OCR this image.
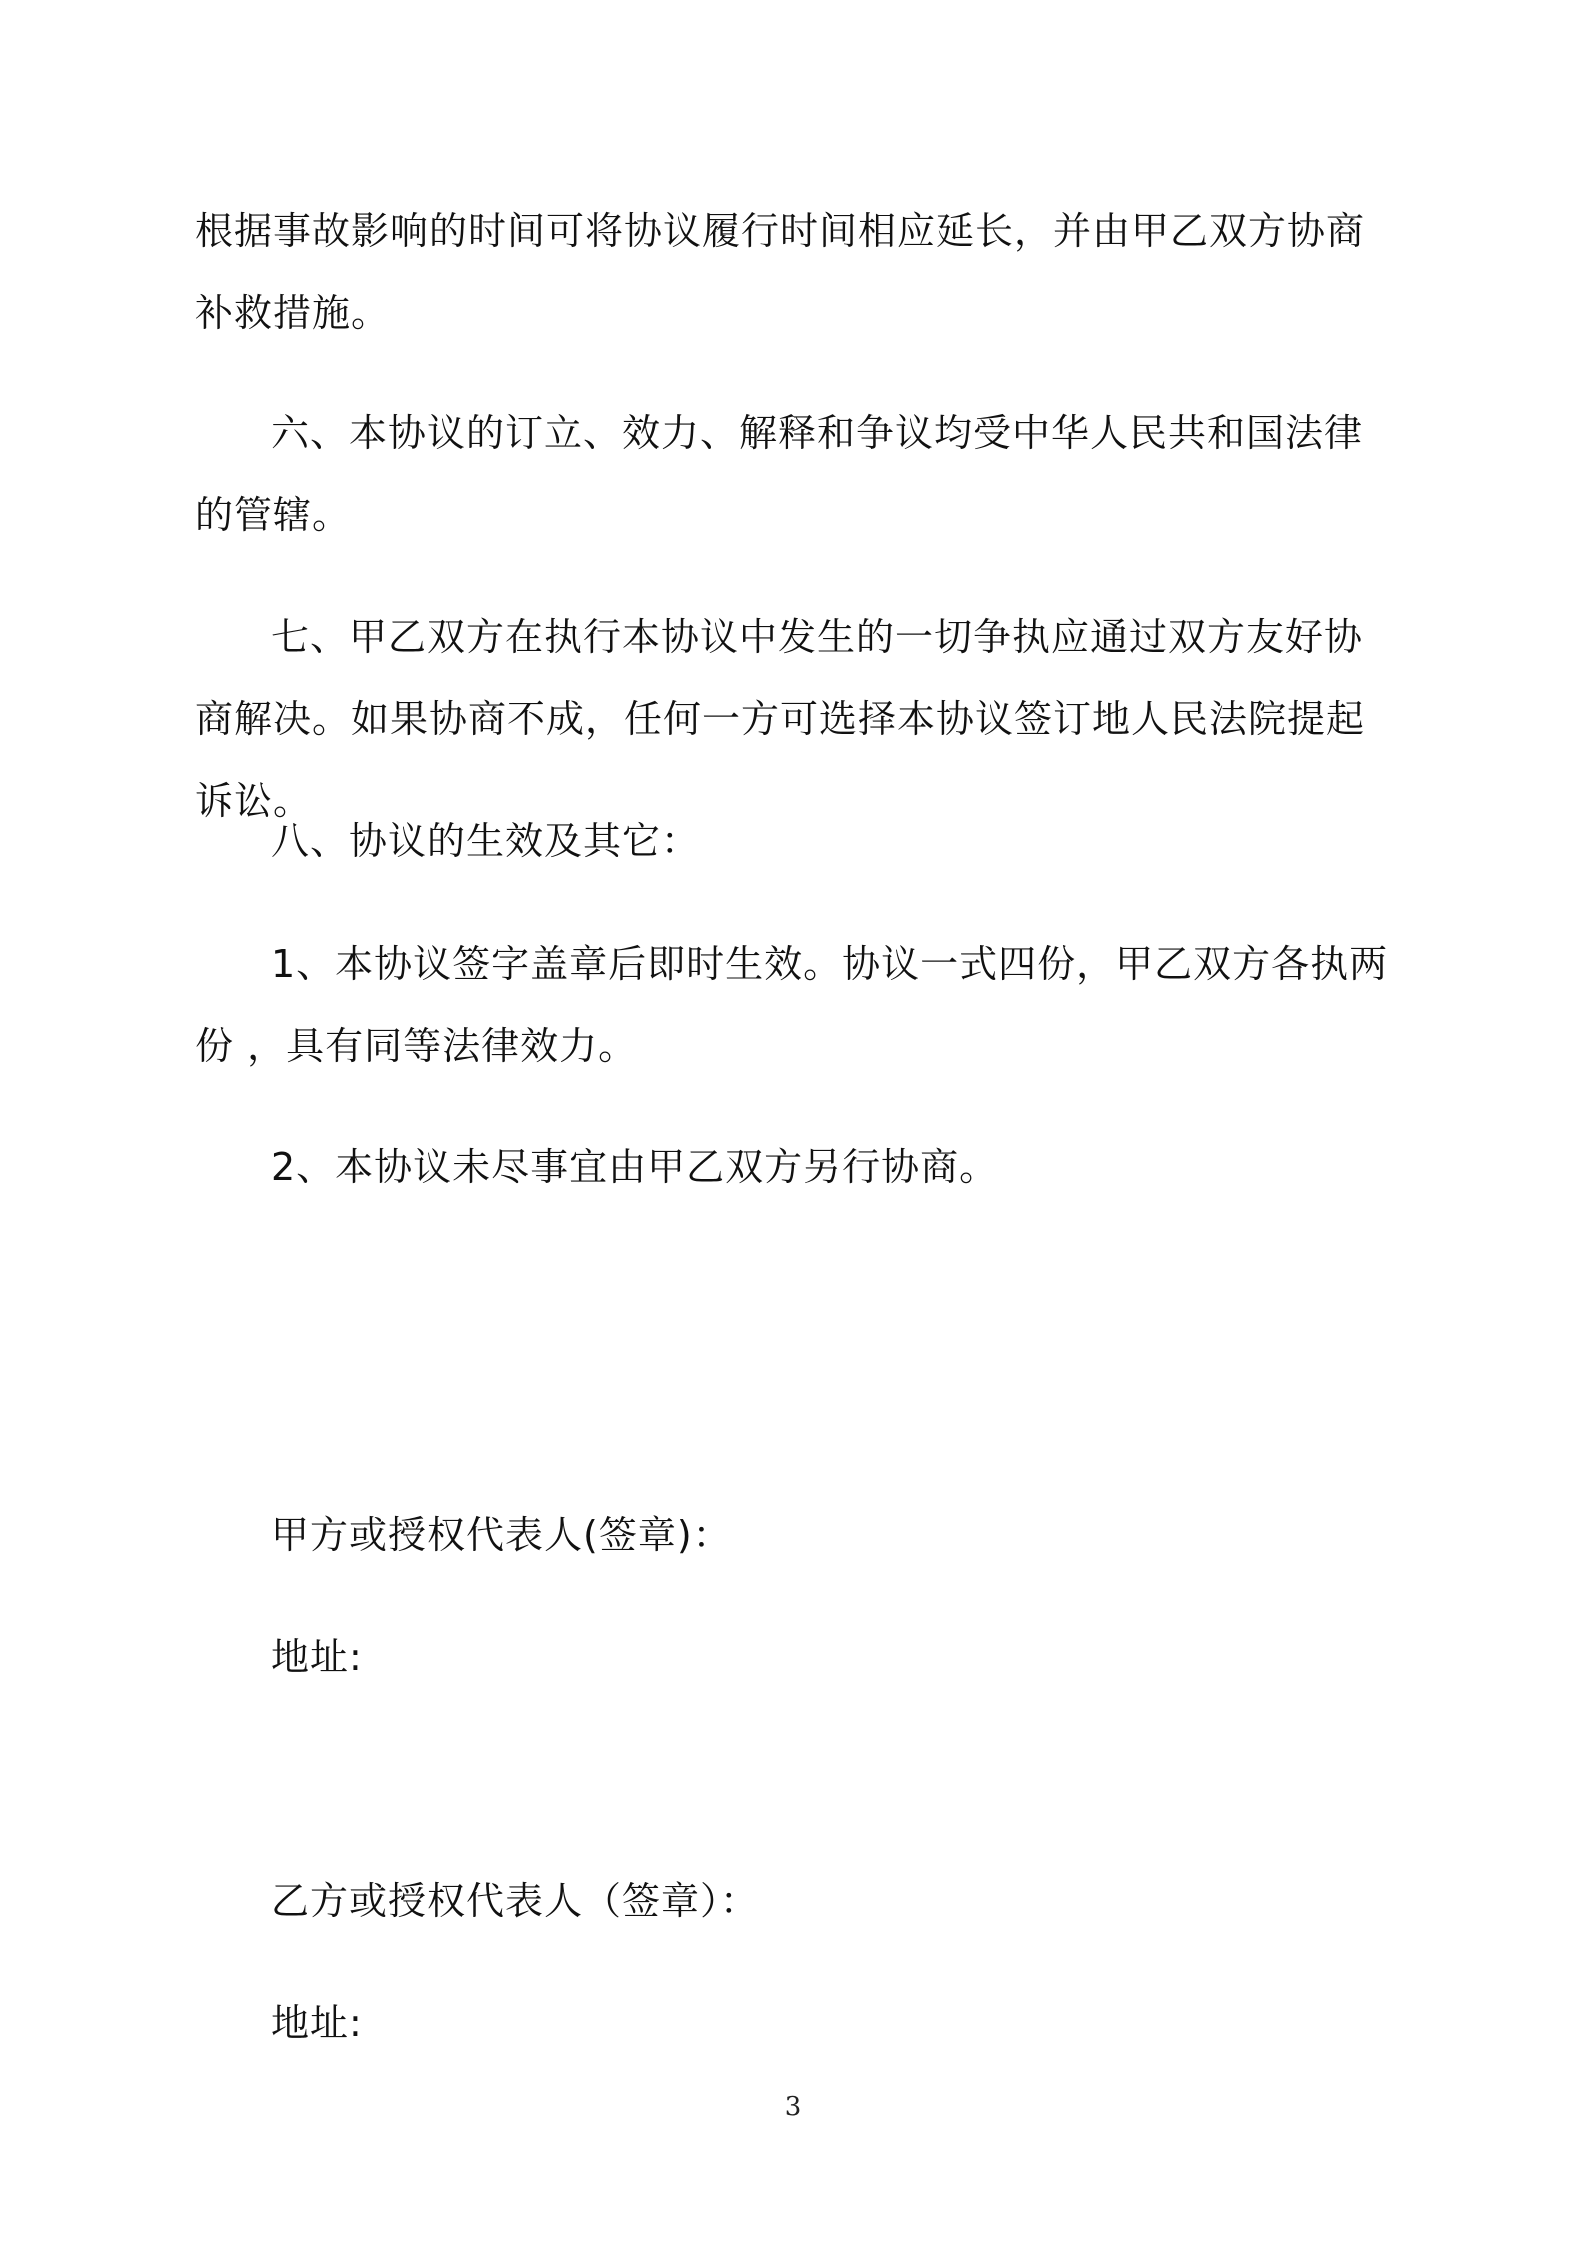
根据事故影响的时间可将协议履行时间相应延长，并由甲乙双方协商补救措施。

六、本协议的订立、效力、解释和争议均受中华人民共和国法律的管辖。

七、甲乙双方在执行本协议中发生的一切争执应通过双方友好协商解决。如果协商不成，任何一方可选择本协议签订地人民法院提起诉讼。

八、协议的生效及其它：

1、本协议签字盖章后即时生效。协议一式四份，甲乙双方各执两份 ，具有同等法律效力。

2、本协议未尽事宜由甲乙双方另行协商。

甲方或授权代表人(签章)：

地址:

乙方或授权代表人（签章）：

地址:

3
